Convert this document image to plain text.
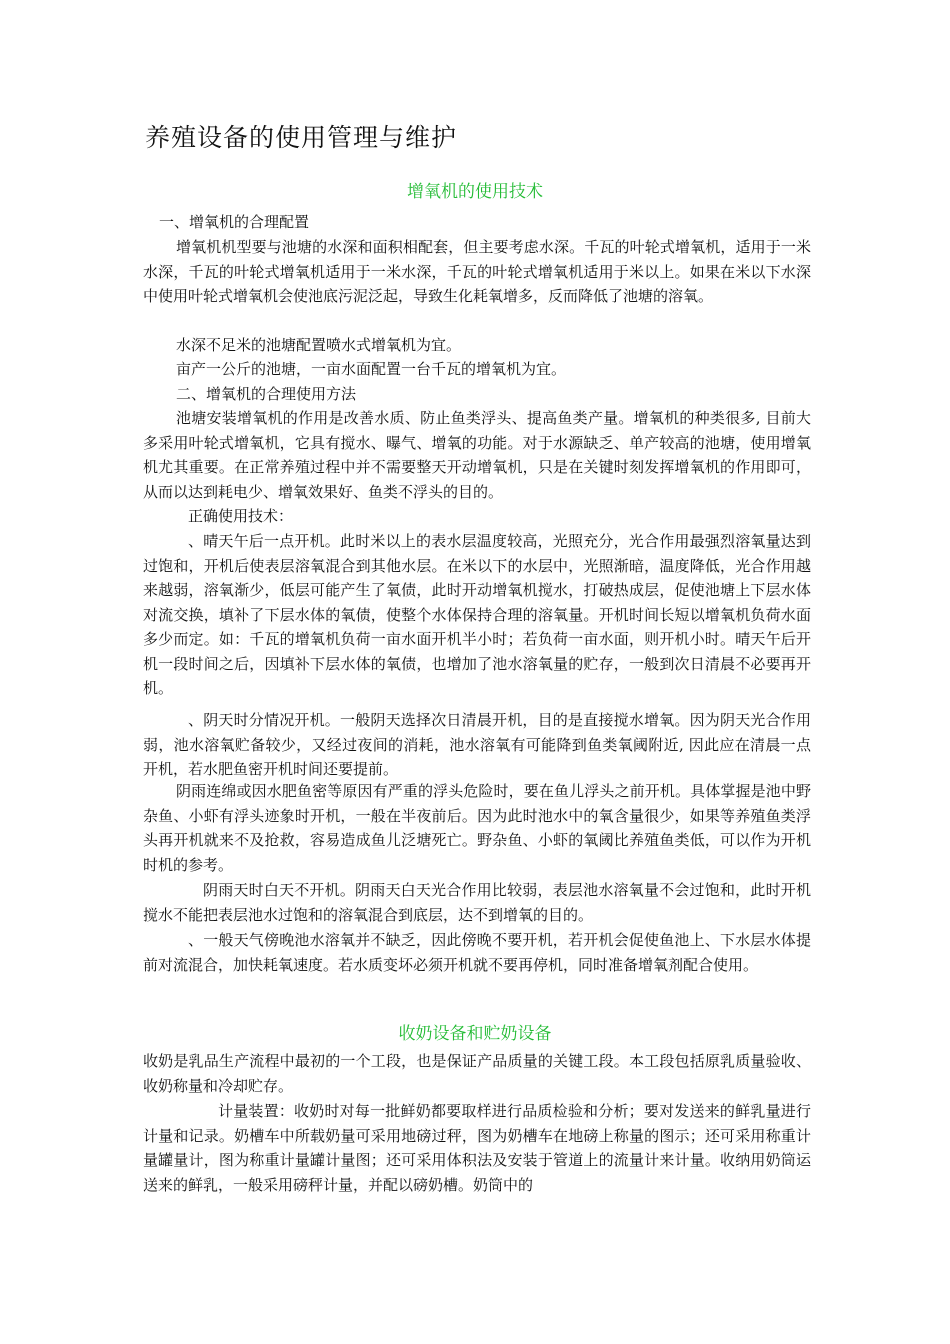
养殖设备的使用管理与维护
增氧机的使用技术

一、增氧机的合理配置

增氧机机型要与池塘的水深和面积相配套，但主要考虑水深。千瓦的叶轮式增氧机，适用于一米水深，千瓦的叶轮式增氧机适用于一米水深，千瓦的叶轮式增氧机适用于米以上。如果在米以下水深中使用叶轮式增氧机会使池底污泥泛起，导致生化耗氧增多，反而降低了池塘的溶氧。

水深不足米的池塘配置喷水式增氧机为宜。

亩产一公斤的池塘，一亩水面配置一台千瓦的增氧机为宜。

二、增氧机的合理使用方法

池塘安装增氧机的作用是改善水质、防止鱼类浮头、提高鱼类产量。增氧机的种类很多, 目前大多采用叶轮式增氧机，它具有搅水、曝气、增氧的功能。对于水源缺乏、单产较高的池塘，使用增氧机尤其重要。在正常养殖过程中并不需要整天开动增氧机，只是在关键时刻发挥增氧机的作用即可，从而以达到耗电少、增氧效果好、鱼类不浮头的目的。

正确使用技术：

、晴天午后一点开机。此时米以上的表水层温度较高，光照充分，光合作用最强烈溶氧量达到过饱和，开机后使表层溶氧混合到其他水层。在米以下的水层中，光照渐暗，温度降低，光合作用越来越弱，溶氧渐少，低层可能产生了氧债，此时开动增氧机搅水，打破热成层，促使池塘上下层水体对流交换，填补了下层水体的氧债，使整个水体保持合理的溶氧量。开机时间长短以增氧机负荷水面多少而定。如：千瓦的增氧机负荷一亩水面开机半小时；若负荷一亩水面，则开机小时。晴天午后开机一段时间之后，因填补下层水体的氧债，也增加了池水溶氧量的贮存，一般到次日清晨不必要再开机。

、阴天时分情况开机。一般阴天选择次日清晨开机，目的是直接搅水增氧。因为阴天光合作用弱，池水溶氧贮备较少，又经过夜间的消耗，池水溶氧有可能降到鱼类氧阈附近, 因此应在清晨一点开机，若水肥鱼密开机时间还要提前。

阴雨连绵或因水肥鱼密等原因有严重的浮头危险时，要在鱼儿浮头之前开机。具体掌握是池中野杂鱼、小虾有浮头迹象时开机，一般在半夜前后。因为此时池水中的氧含量很少，如果等养殖鱼类浮头再开机就来不及抢救，容易造成鱼儿泛塘死亡。野杂鱼、小虾的氧阈比养殖鱼类低，可以作为开机时机的参考。

阴雨天时白天不开机。阴雨天白天光合作用比较弱，表层池水溶氧量不会过饱和，此时开机搅水不能把表层池水过饱和的溶氧混合到底层，达不到增氧的目的。

、一般天气傍晚池水溶氧并不缺乏，因此傍晚不要开机，若开机会促使鱼池上、下水层水体提前对流混合，加快耗氧速度。若水质变坏必须开机就不要再停机，同时准备增氧剂配合使用。

收奶设备和贮奶设备

收奶是乳品生产流程中最初的一个工段，也是保证产品质量的关键工段。本工段包括原乳质量验收、收奶称量和冷却贮存。

计量装置：收奶时对每一批鲜奶都要取样进行品质检验和分析；要对发送来的鲜乳量进行计量和记录。奶槽车中所载奶量可采用地磅过秤，图为奶槽车在地磅上称量的图示；还可采用称重计量罐量计，图为称重计量罐计量图；还可采用体积法及安装于管道上的流量计来计量。收纳用奶筒运送来的鲜乳，一般采用磅秤计量，并配以磅奶槽。奶筒中的
